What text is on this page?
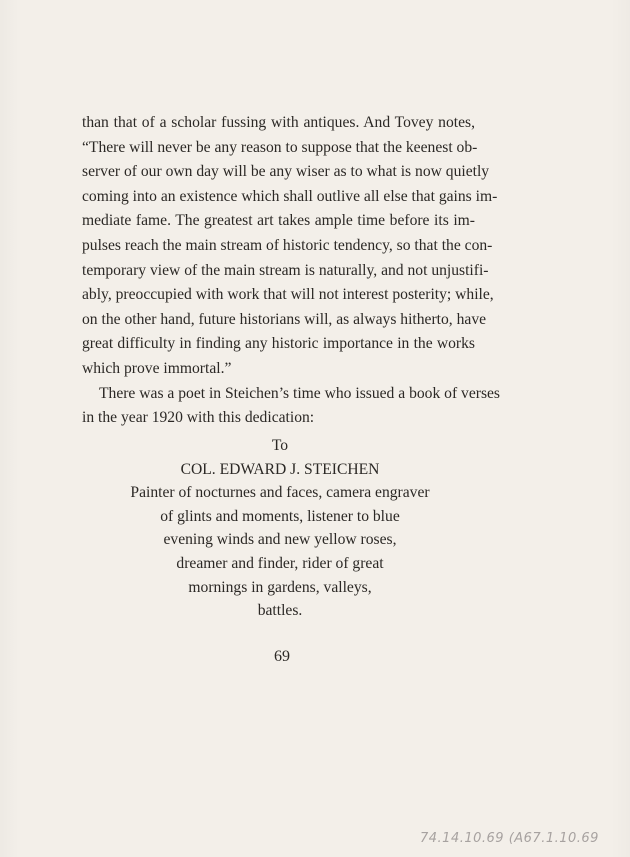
than that of a scholar fussing with antiques. And Tovey notes,
“There will never be any reason to suppose that the keenest ob-
server of our own day will be any wiser as to what is now quietly
coming into an existence which shall outlive all else that gains im-
mediate fame. The greatest art takes ample time before its im-
pulses reach the main stream of historic tendency, so that the con-
temporary view of the main stream is naturally, and not unjustifi-
ably, preoccupied with work that will not interest posterity; while,
on the other hand, future historians will, as always hitherto, have
great difficulty in finding any historic importance in the works
which prove immortal.”
There was a poet in Steichen’s time who issued a book of verses
in the year 1920 with this dedication:
To
COL. EDWARD J. STEICHEN
Painter of nocturnes and faces, camera engraver
of glints and moments, listener to blue
evening winds and new yellow roses,
dreamer and finder, rider of great
mornings in gardens, valleys,
battles.
69
74.14.10.69 (A67.1.10.69
